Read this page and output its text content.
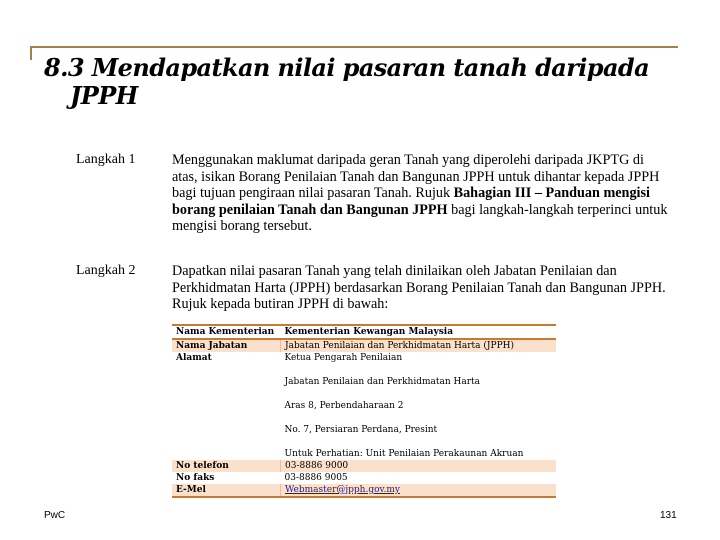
8.3 Mendapatkan nilai pasaran tanah daripada
JPPH
Langkah 1	Menggunakan maklumat daripada geran Tanah yang diperolehi daripada JKPTG di atas, isikan Borang Penilaian Tanah dan Bangunan JPPH untuk dihantar kepada JPPH bagi tujuan pengiraan nilai pasaran Tanah. Rujuk Bahagian III – Panduan mengisi borang penilaian Tanah dan Bangunan JPPH bagi langkah-langkah terperinci untuk mengisi borang tersebut.
Langkah 2	Dapatkan nilai pasaran Tanah yang telah dinilaikan oleh Jabatan Penilaian dan Perkhidmatan Harta (JPPH) berdasarkan Borang Penilaian Tanah dan Bangunan JPPH. Rujuk kepada butiran JPPH di bawah:
Nama Kementerian	Kementerian Kewangan Malaysia
Nama Jabatan	Jabatan Penilaian dan Perkhidmatan Harta (JPPH)
Alamat	Ketua Pengarah Penilaian
Jabatan Penilaian dan Perkhidmatan Harta
Aras 8, Perbendaharaan 2
No. 7, Persiaran Perdana, Presint
Untuk Perhatian: Unit Penilaian Perakaunan Akruan

No telefon	03-8886 9000
No faks	03-8886 9005
E-Mel	Webmaster@jpph.gov.my
PwC	131
